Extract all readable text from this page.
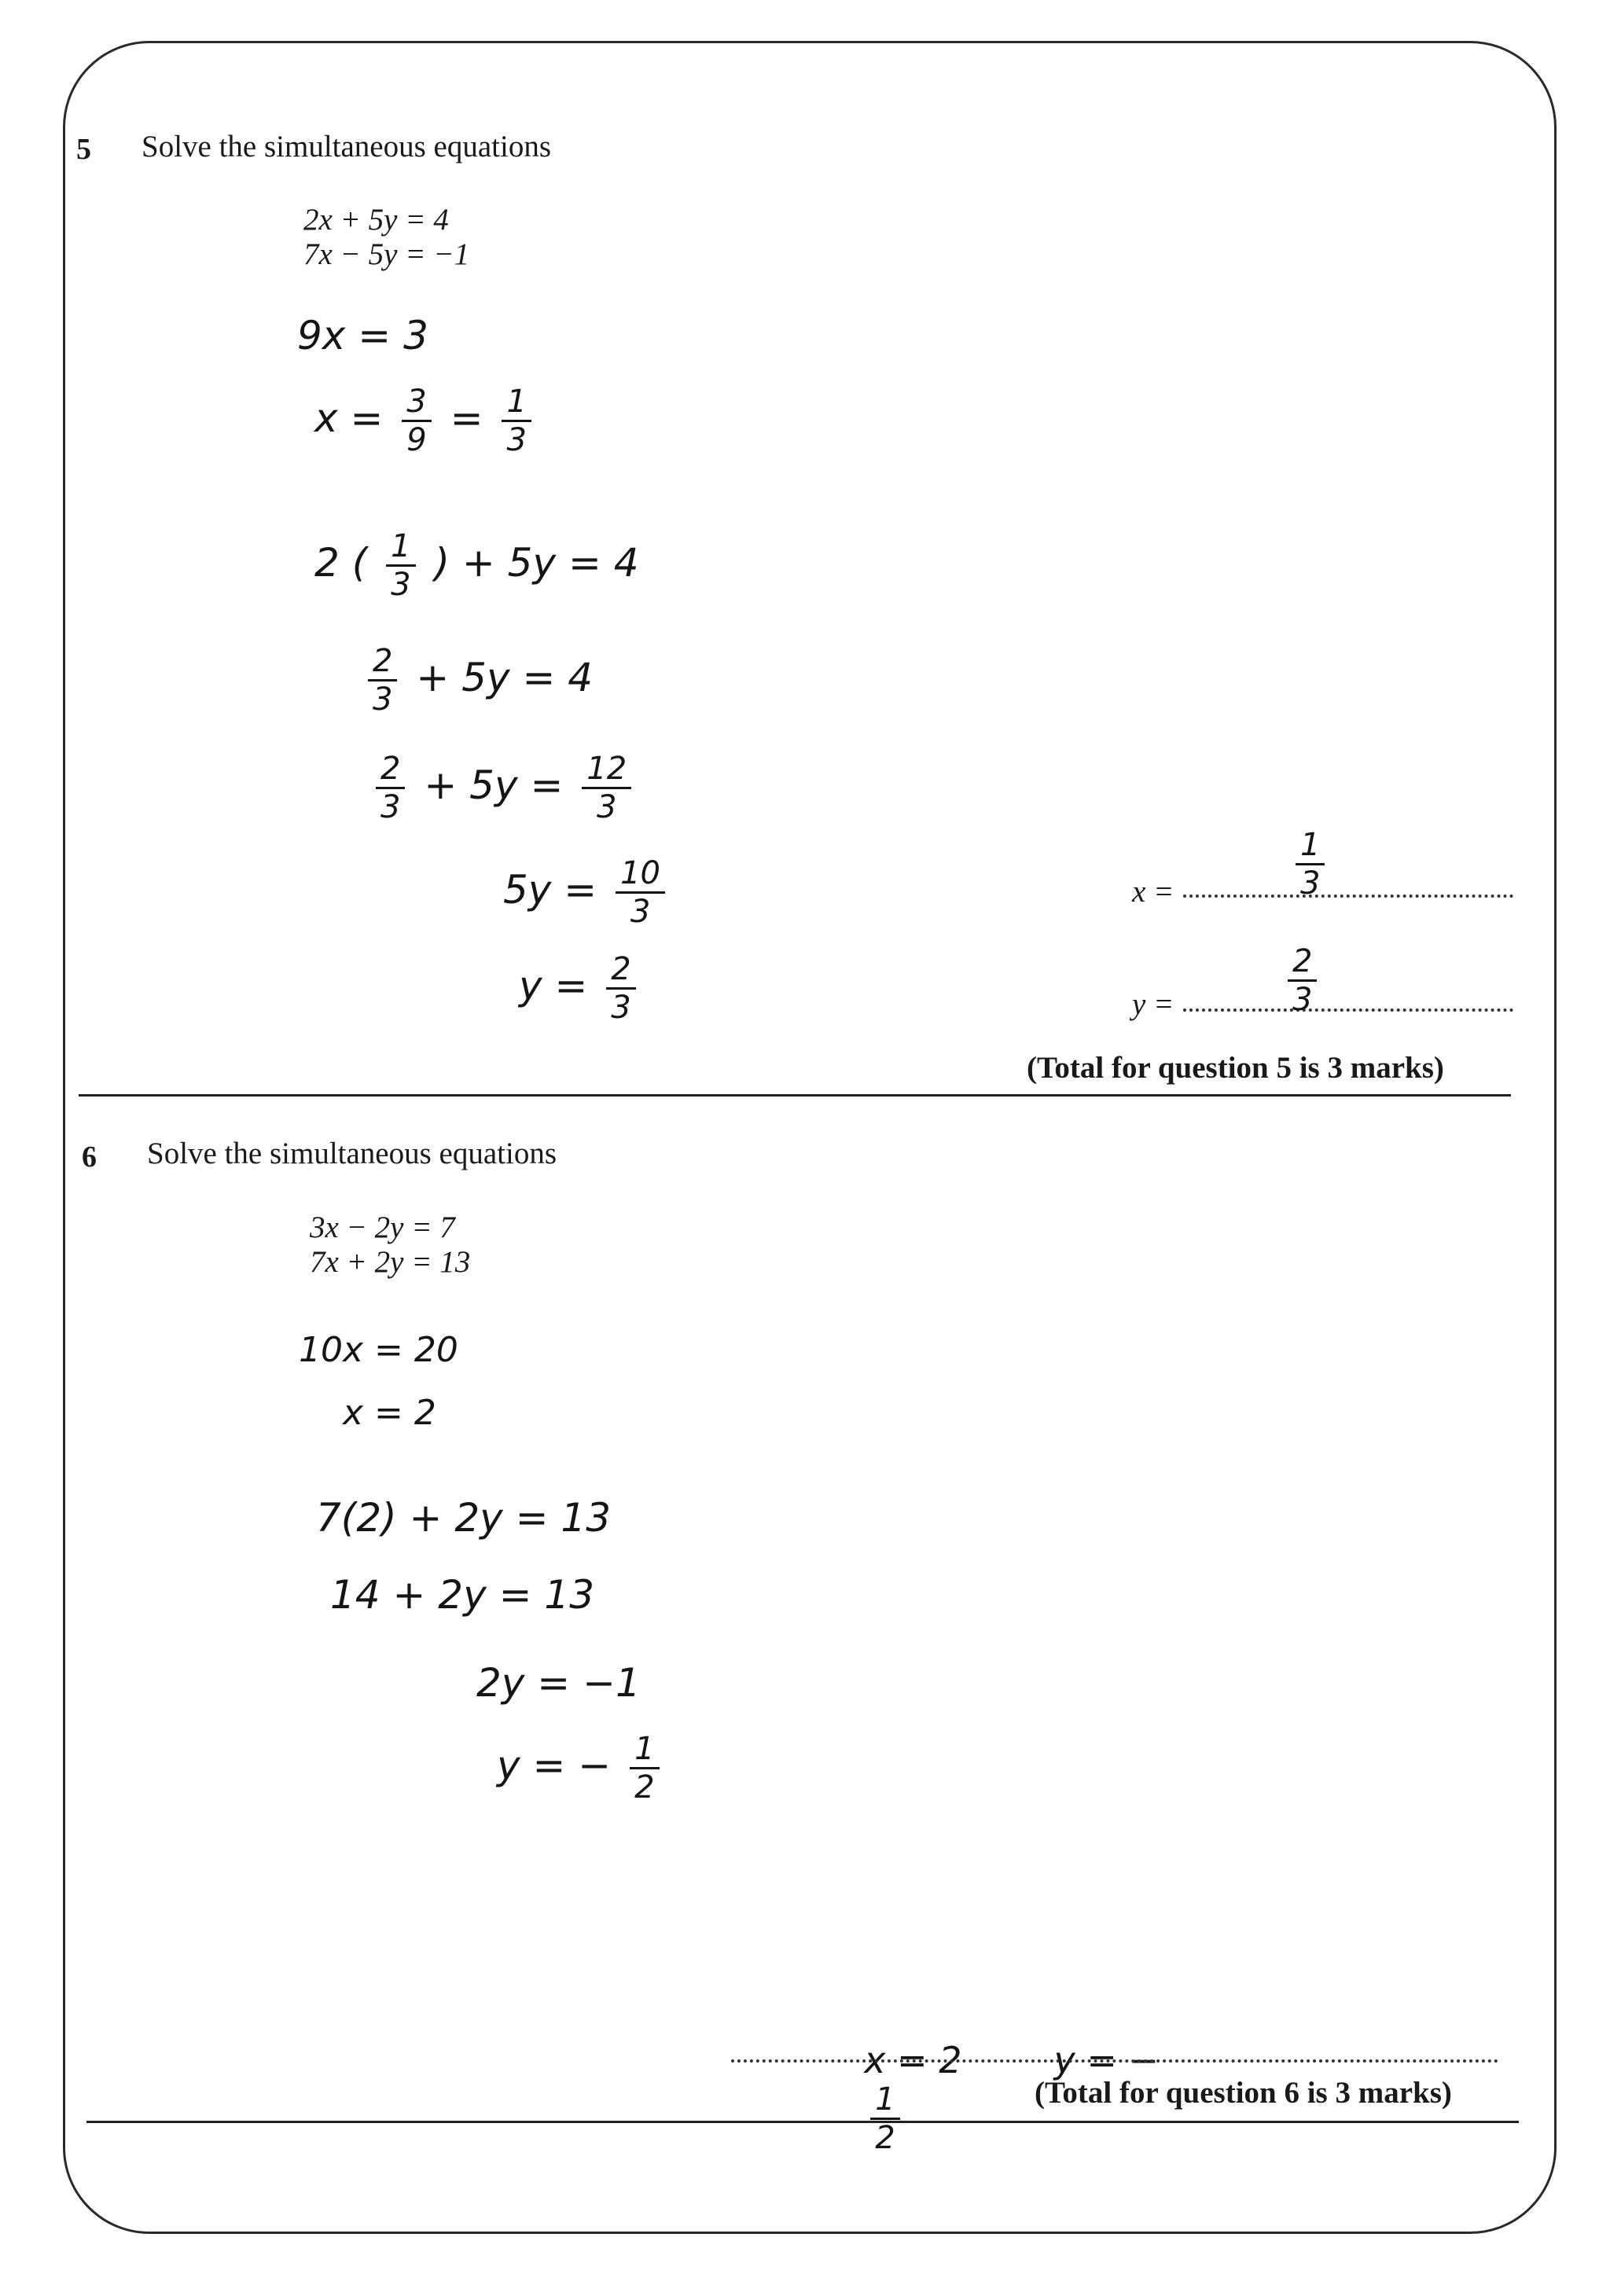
5 Solve the simultaneous equations
2x + 5y = 4
7x − 5y = −1
9x = 3
$x = \frac{3}{9} = \frac{1}{3}$
2 ( $\frac{1}{3}$ ) + 5y = 4
$\frac{2}{3} + 5y = 4$
$\frac{2}{3} + 5y = \frac{12}{3}$
$5y = \frac{10}{3}$
$y = \frac{2}{3}$
x =	$\frac{1}{3}$
y =	$\frac{2}{3}$
(Total for question 5 is 3 marks)
6 Solve the simultaneous equations
3x − 2y = 7
7x + 2y = 13
10x = 20
x = 2
7(2) + 2y = 13
14 + 2y = 13
2y = −1
y = − $\frac{1}{2}$

x = 2        y = −

$\frac{1}{2}$	(Total for question 6 is 3 marks)
